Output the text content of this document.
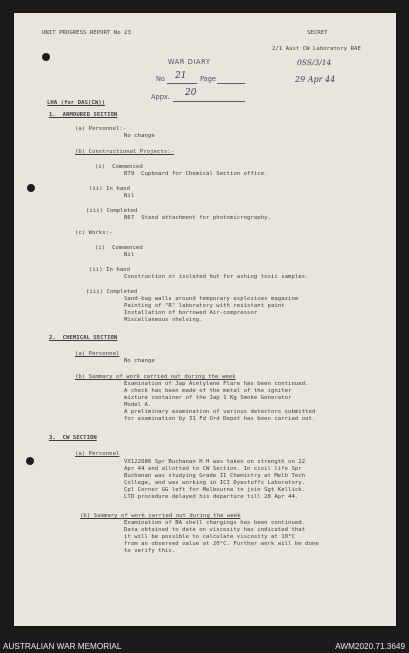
UNIT PROGRESS REPORT No 23	SECRET
2/1 Aust CW Laboratory RAE
0SS/3/14
29 Apr 44
WAR DIARY
No 21 Page
Appx. 20
LHA (for DAS(CW))
1.  ARMOURED SECTION
(a) Personnel:-
No change
(b) Constructional Projects:-
(i)  Commenced
B79  Cupboard for Chemical Section office.
(ii) In hand
Nil
(iii) Completed
B67  Stand attachment for photomicrography.
(c) Works:-
(i)  Commenced
Nil
(ii) In hand
Construction or isolated hut for ashing toxic samples.
(iii) Completed
Sand-bag walls around temporary explosives magazine
Painting of "R" laboratory with resistant paint
Installation of borrowed Air-compressor
Miscellaneous shelving.
2.  CHEMICAL SECTION
(a) Personnel
No change
(b) Summary of work carried out during the week
Examination of Jap Acetylene Flare has been continued.
A check has been made of the metal of the igniter
mixture container of the Jap 1 Kg Smoke Generator
Model A.
A preliminary examination of various detectors submitted
for examination by 31 Fd Ord Depot has been carried out.
3.  CW SECTION
(a) Personnel
VX122086 Spr Buchanan H H was taken on strength on 22
Apr 44 and allotted to CW Section. In civil life Spr
Buchanan was studying Grade II Chemistry at Melb Tech
College, and was working in ICI Dyestuffs Laboratory.
Cpl Corner GG left for Melbourne to join Sgt Kellick.
LTD procedure delayed his departure till 28 Apr 44.
(b) Summary of work carried out during the week
Examination of BA shell chargings has been continued.
Data obtained to date on viscosity has indicated that
it will be possible to calculate viscosity at 10°C
from an observed value at 20°C. Further work will be done
to verify this.
AUSTRALIAN WAR MEMORIAL	AWM2020.71.3649
